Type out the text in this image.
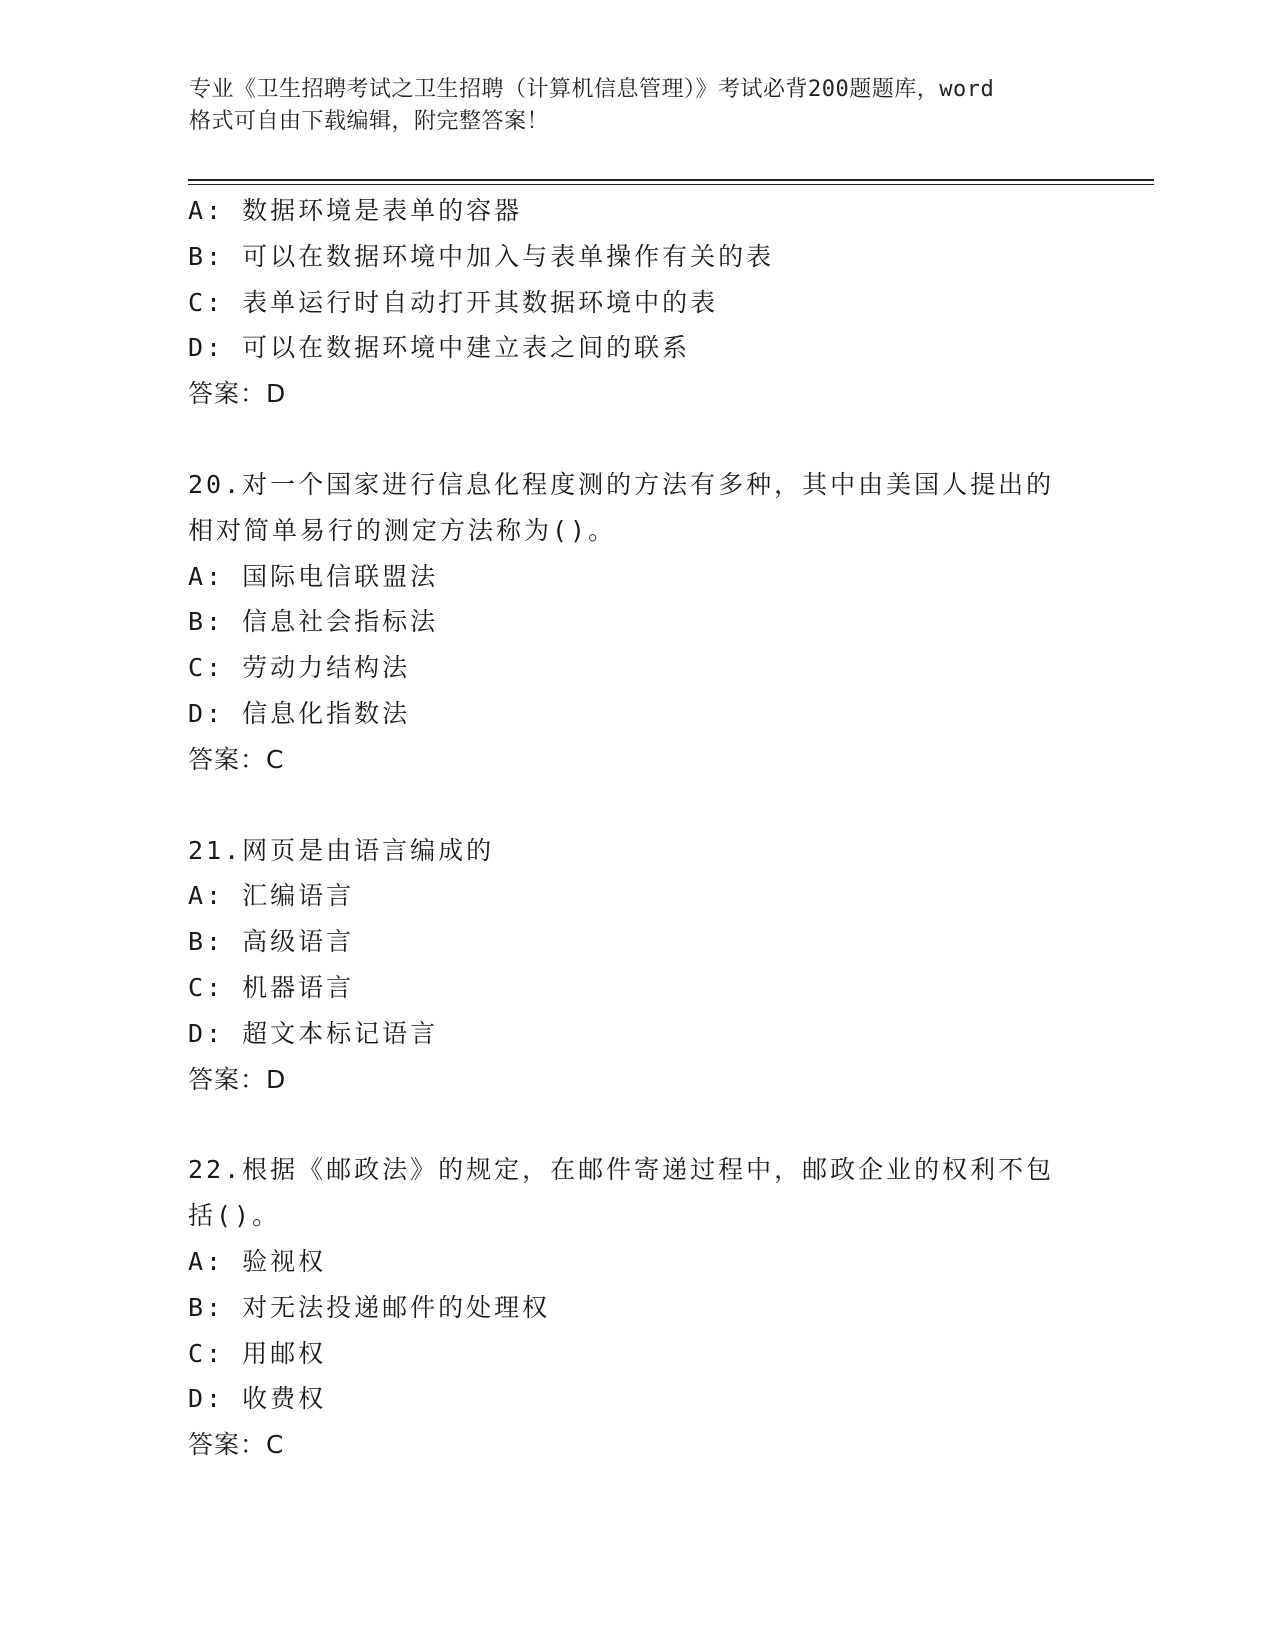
专业《卫生招聘考试之卫生招聘（计算机信息管理）》考试必背200题题库，word
格式可自由下载编辑，附完整答案！
A: 数据环境是表单的容器
B: 可以在数据环境中加入与表单操作有关的表
C: 表单运行时自动打开其数据环境中的表
D: 可以在数据环境中建立表之间的联系
答案：D
20.对一个国家进行信息化程度测的方法有多种，其中由美国人提出的
相对简单易行的测定方法称为()。
A: 国际电信联盟法
B: 信息社会指标法
C: 劳动力结构法
D: 信息化指数法
答案：C
21.网页是由语言编成的
A: 汇编语言
B: 高级语言
C: 机器语言
D: 超文本标记语言
答案：D
22.根据《邮政法》的规定，在邮件寄递过程中，邮政企业的权利不包
括()。
A: 验视权
B: 对无法投递邮件的处理权
C: 用邮权
D: 收费权
答案：C
